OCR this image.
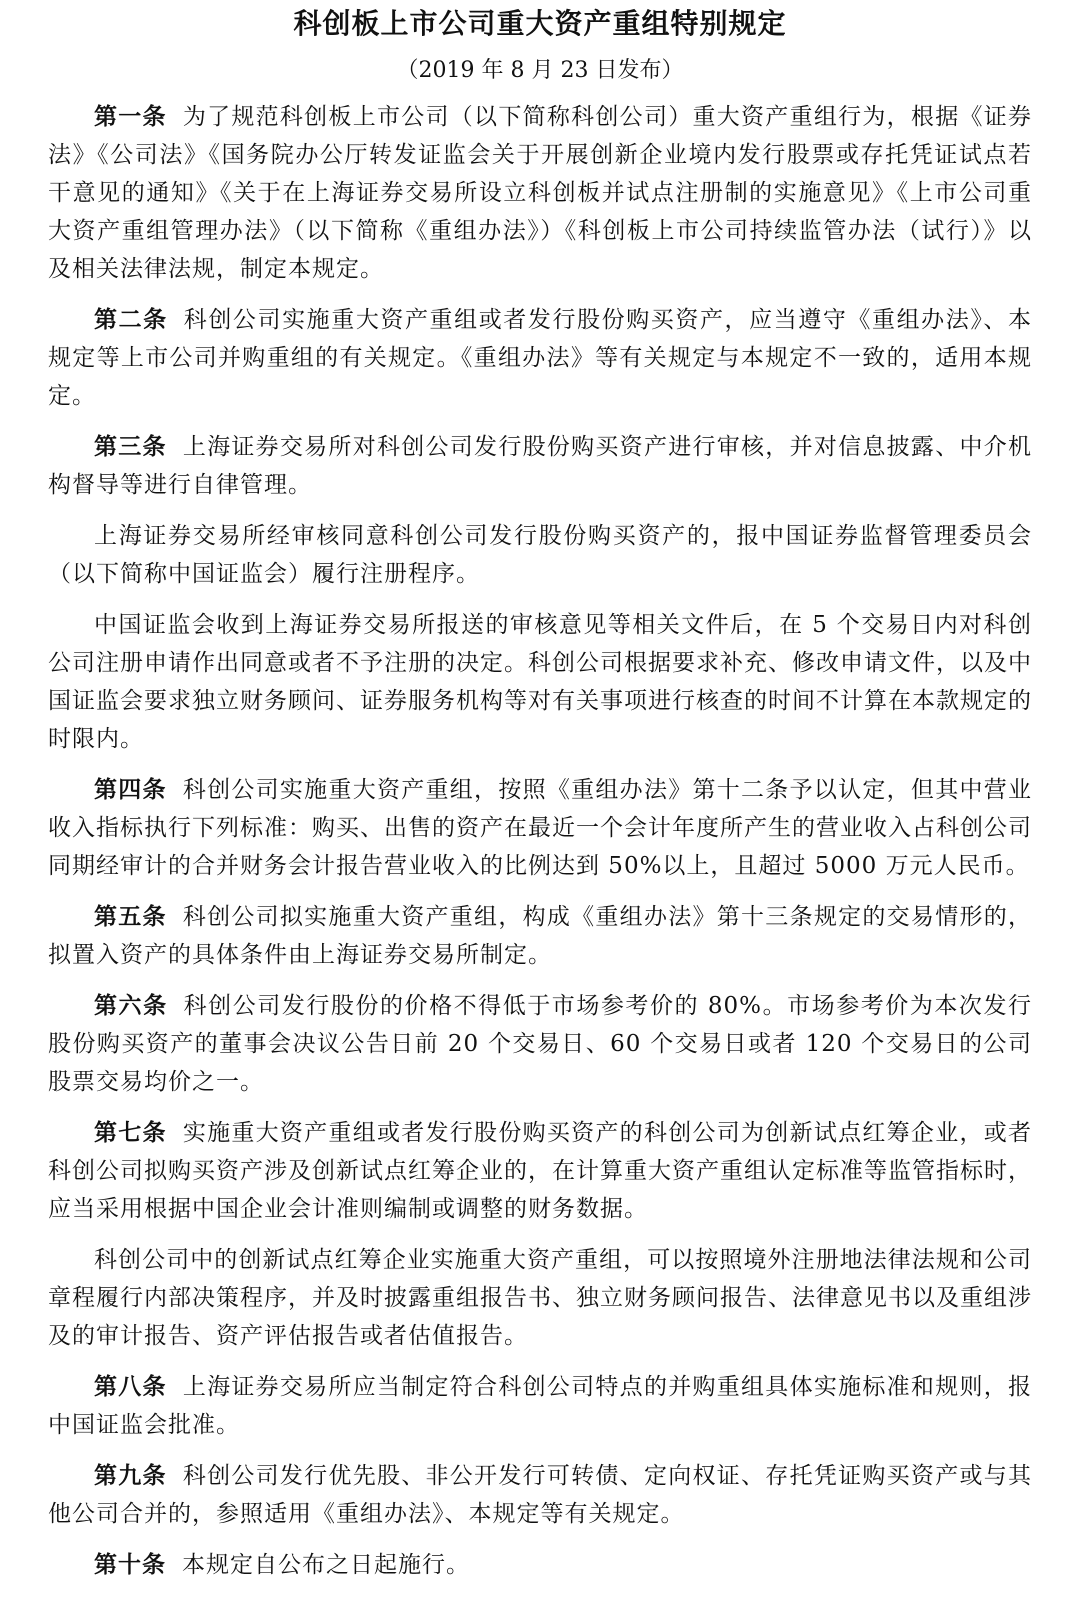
科创板上市公司重大资产重组特别规定
（2019 年 8 月 23 日发布）

第一条 为了规范科创板上市公司（以下简称科创公司）重大资产重组行为，根据《证券法》《公司法》《国务院办公厅转发证监会关于开展创新企业境内发行股票或存托凭证试点若干意见的通知》《关于在上海证券交易所设立科创板并试点注册制的实施意见》《上市公司重大资产重组管理办法》（以下简称《重组办法》）《科创板上市公司持续监管办法（试行）》以及相关法律法规，制定本规定。

第二条 科创公司实施重大资产重组或者发行股份购买资产，应当遵守《重组办法》、本规定等上市公司并购重组的有关规定。《重组办法》等有关规定与本规定不一致的，适用本规定。

第三条 上海证券交易所对科创公司发行股份购买资产进行审核，并对信息披露、中介机构督导等进行自律管理。

上海证券交易所经审核同意科创公司发行股份购买资产的，报中国证券监督管理委员会（以下简称中国证监会）履行注册程序。

中国证监会收到上海证券交易所报送的审核意见等相关文件后，在 5 个交易日内对科创公司注册申请作出同意或者不予注册的决定。科创公司根据要求补充、修改申请文件，以及中国证监会要求独立财务顾问、证券服务机构等对有关事项进行核查的时间不计算在本款规定的时限内。

第四条 科创公司实施重大资产重组，按照《重组办法》第十二条予以认定，但其中营业收入指标执行下列标准：购买、出售的资产在最近一个会计年度所产生的营业收入占科创公司同期经审计的合并财务会计报告营业收入的比例达到 50%以上，且超过 5000 万元人民币。

第五条 科创公司拟实施重大资产重组，构成《重组办法》第十三条规定的交易情形的，拟置入资产的具体条件由上海证券交易所制定。

第六条 科创公司发行股份的价格不得低于市场参考价的 80%。市场参考价为本次发行股份购买资产的董事会决议公告日前 20 个交易日、60 个交易日或者 120 个交易日的公司股票交易均价之一。

第七条 实施重大资产重组或者发行股份购买资产的科创公司为创新试点红筹企业，或者科创公司拟购买资产涉及创新试点红筹企业的，在计算重大资产重组认定标准等监管指标时，应当采用根据中国企业会计准则编制或调整的财务数据。

科创公司中的创新试点红筹企业实施重大资产重组，可以按照境外注册地法律法规和公司章程履行内部决策程序，并及时披露重组报告书、独立财务顾问报告、法律意见书以及重组涉及的审计报告、资产评估报告或者估值报告。

第八条 上海证券交易所应当制定符合科创公司特点的并购重组具体实施标准和规则，报中国证监会批准。

第九条 科创公司发行优先股、非公开发行可转债、定向权证、存托凭证购买资产或与其他公司合并的，参照适用《重组办法》、本规定等有关规定。

第十条 本规定自公布之日起施行。
